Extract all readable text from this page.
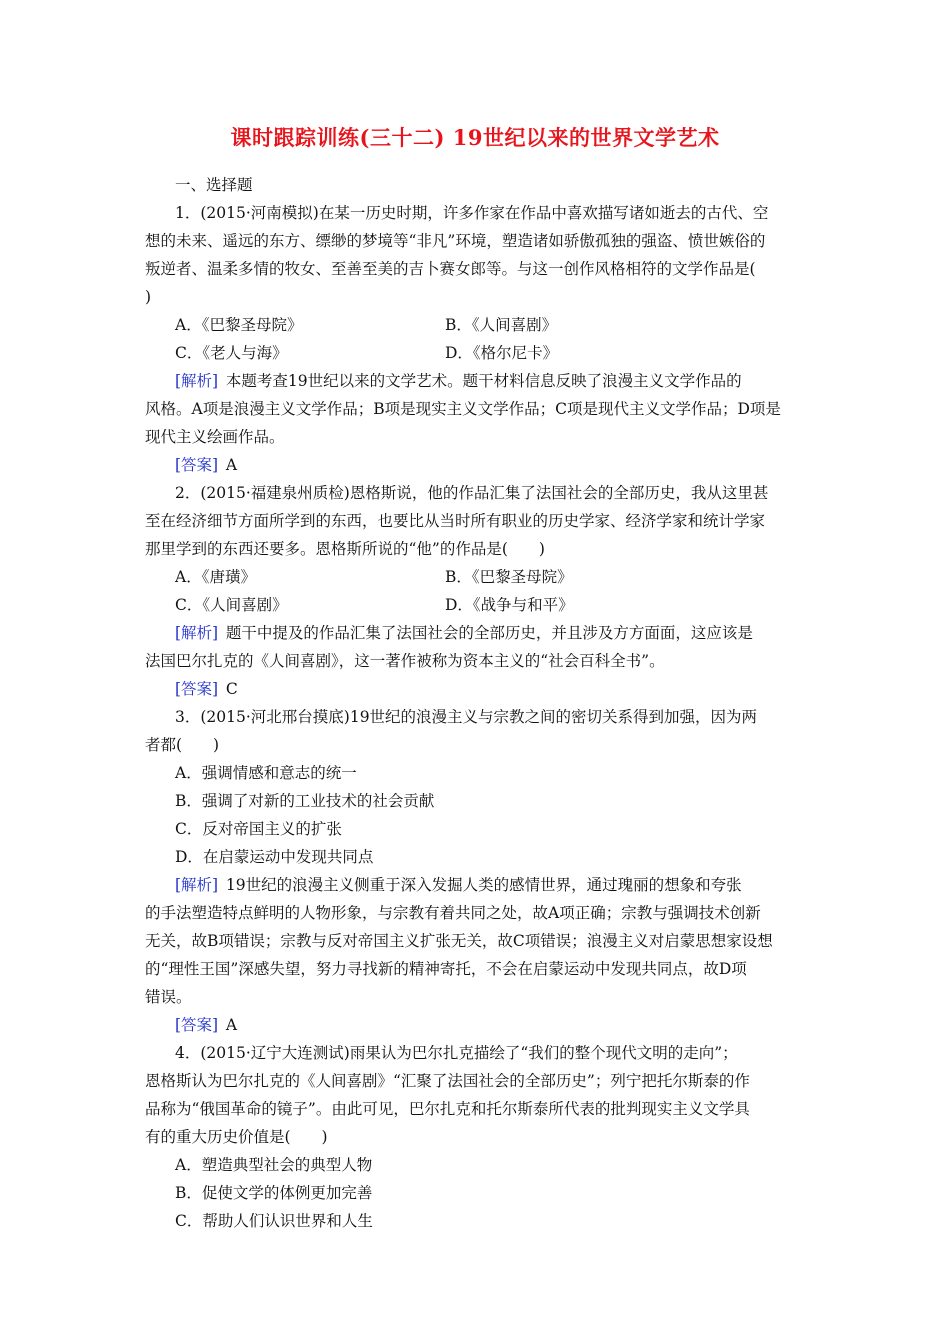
课时跟踪训练(三十二) 19世纪以来的世界文学艺术
一、选择题
1．(2015·河南模拟)在某一历史时期，许多作家在作品中喜欢描写诸如逝去的古代、空
想的未来、遥远的东方、缥缈的梦境等“非凡”环境，塑造诸如骄傲孤独的强盗、愤世嫉俗的
叛逆者、温柔多情的牧女、至善至美的吉卜赛女郎等。与这一创作风格相符的文学作品是(
)
A．《巴黎圣母院》	B．《人间喜剧》
C．《老人与海》	D．《格尔尼卡》
[解析]  本题考查19世纪以来的文学艺术。题干材料信息反映了浪漫主义文学作品的
风格。A项是浪漫主义文学作品；B项是现实主义文学作品；C项是现代主义文学作品；D项是
现代主义绘画作品。
[答案]  A
2．(2015·福建泉州质检)恩格斯说，他的作品汇集了法国社会的全部历史，我从这里甚
至在经济细节方面所学到的东西，也要比从当时所有职业的历史学家、经济学家和统计学家
那里学到的东西还要多。恩格斯所说的“他”的作品是(　　)
A．《唐璜》	B．《巴黎圣母院》
C．《人间喜剧》	D．《战争与和平》
[解析]  题干中提及的作品汇集了法国社会的全部历史，并且涉及方方面面，这应该是
法国巴尔扎克的《人间喜剧》，这一著作被称为资本主义的“社会百科全书”。
[答案]  C
3．(2015·河北邢台摸底)19世纪的浪漫主义与宗教之间的密切关系得到加强，因为两
者都(　　)
A．强调情感和意志的统一
B．强调了对新的工业技术的社会贡献
C．反对帝国主义的扩张
D．在启蒙运动中发现共同点
[解析]  19世纪的浪漫主义侧重于深入发掘人类的感情世界，通过瑰丽的想象和夸张
的手法塑造特点鲜明的人物形象，与宗教有着共同之处，故A项正确；宗教与强调技术创新
无关，故B项错误；宗教与反对帝国主义扩张无关，故C项错误；浪漫主义对启蒙思想家设想
的“理性王国”深感失望，努力寻找新的精神寄托，不会在启蒙运动中发现共同点，故D项
错误。
[答案]  A
4．(2015·辽宁大连测试)雨果认为巴尔扎克描绘了“我们的整个现代文明的走向”；
恩格斯认为巴尔扎克的《人间喜剧》“汇聚了法国社会的全部历史”；列宁把托尔斯泰的作
品称为“俄国革命的镜子”。由此可见，巴尔扎克和托尔斯泰所代表的批判现实主义文学具
有的重大历史价值是(　　)
A．塑造典型社会的典型人物
B．促使文学的体例更加完善
C．帮助人们认识世界和人生
